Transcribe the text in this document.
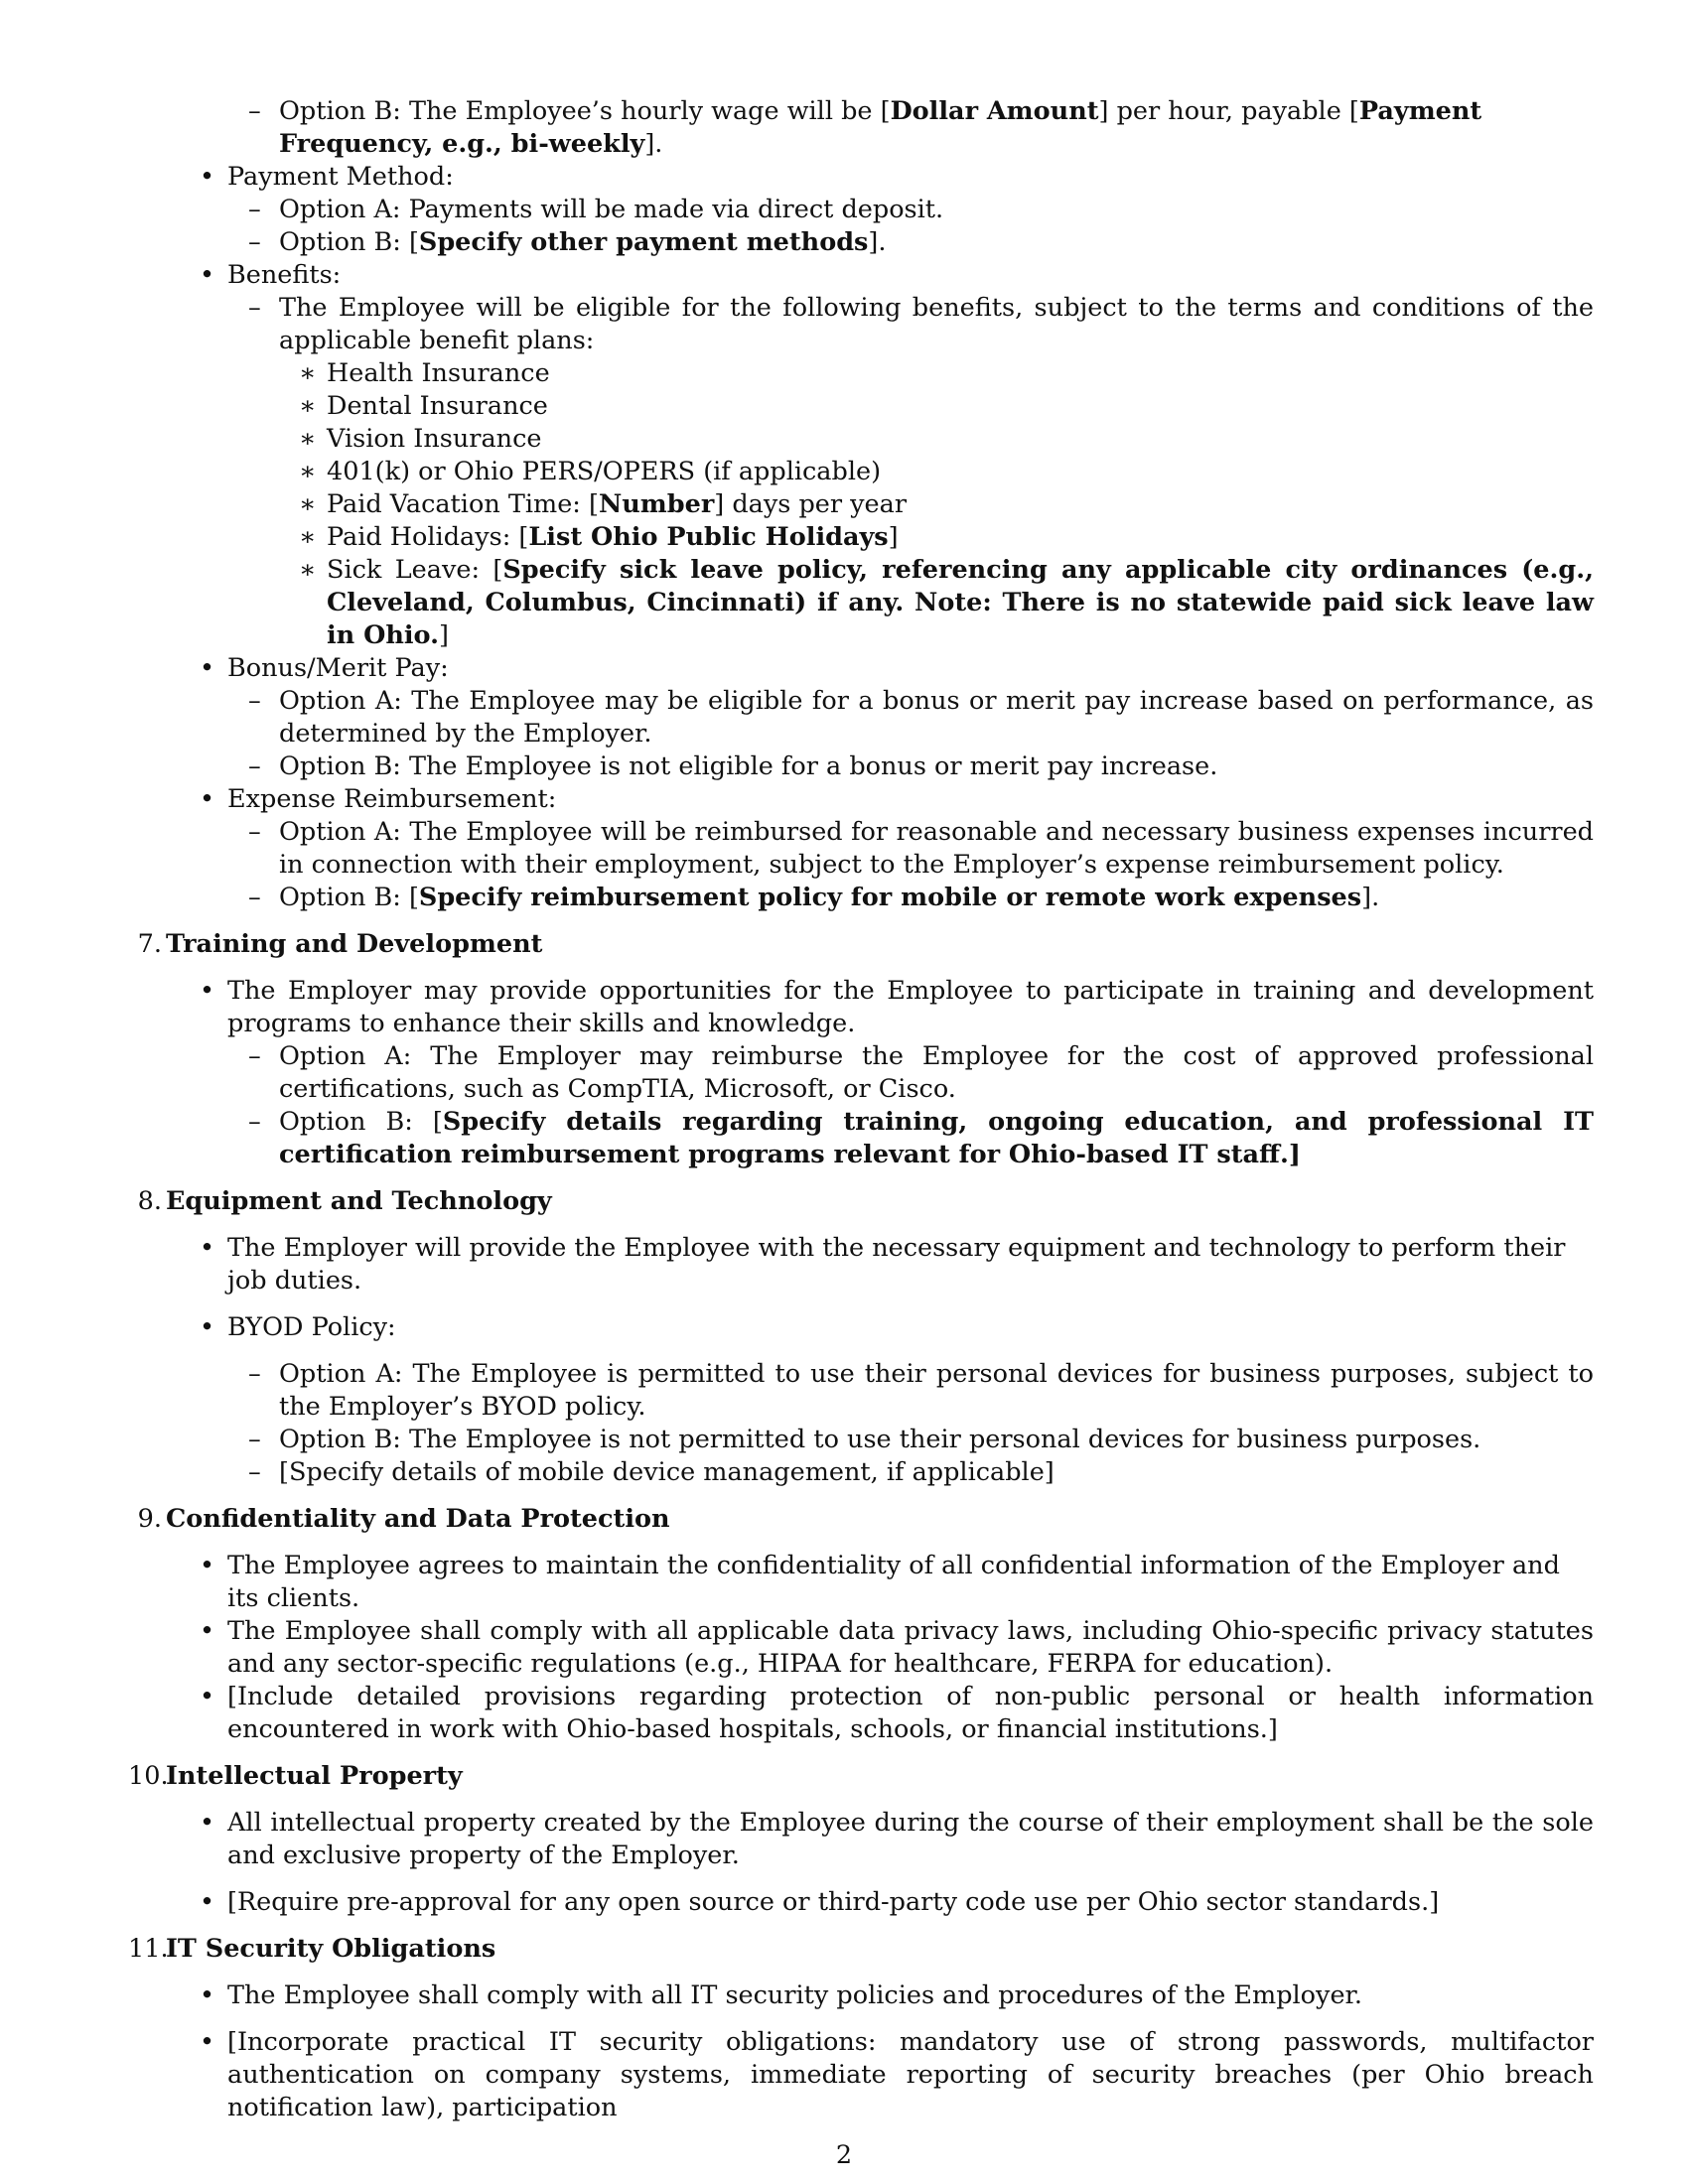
– Option B: The Employee’s hourly wage will be [Dollar Amount] per hour, payable [Payment Frequency, e.g., bi-weekly].
• Payment Method:
– Option A: Payments will be made via direct deposit.
– Option B: [Specify other payment methods].
• Benefits:
– The Employee will be eligible for the following benefits, subject to the terms and conditions of the applicable benefit plans:
∗ Health Insurance
∗ Dental Insurance
∗ Vision Insurance
∗ 401(k) or Ohio PERS/OPERS (if applicable)
∗ Paid Vacation Time: [Number] days per year
∗ Paid Holidays: [List Ohio Public Holidays]
∗ Sick Leave: [Specify sick leave policy, referencing any applicable city ordinances (e.g., Cleveland, Columbus, Cincinnati) if any. Note: There is no statewide paid sick leave law in Ohio.]
• Bonus/Merit Pay:
– Option A: The Employee may be eligible for a bonus or merit pay increase based on performance, as determined by the Employer.
– Option B: The Employee is not eligible for a bonus or merit pay increase.
• Expense Reimbursement:
– Option A: The Employee will be reimbursed for reasonable and necessary business expenses incurred in connection with their employment, subject to the Employer’s expense reimbursement policy.
– Option B: [Specify reimbursement policy for mobile or remote work expenses].
7. Training and Development
• The Employer may provide opportunities for the Employee to participate in training and development programs to enhance their skills and knowledge.
– Option A: The Employer may reimburse the Employee for the cost of approved professional certifications, such as CompTIA, Microsoft, or Cisco.
– Option B: [Specify details regarding training, ongoing education, and professional IT certification reimbursement programs relevant for Ohio-based IT staff.]
8. Equipment and Technology
• The Employer will provide the Employee with the necessary equipment and technology to perform their job duties.
• BYOD Policy:
– Option A: The Employee is permitted to use their personal devices for business purposes, subject to the Employer’s BYOD policy.
– Option B: The Employee is not permitted to use their personal devices for business purposes.
– [Specify details of mobile device management, if applicable]
9. Confidentiality and Data Protection
• The Employee agrees to maintain the confidentiality of all confidential information of the Employer and its clients.
• The Employee shall comply with all applicable data privacy laws, including Ohio-specific privacy statutes and any sector-specific regulations (e.g., HIPAA for healthcare, FERPA for education).
• [Include detailed provisions regarding protection of non-public personal or health information encountered in work with Ohio-based hospitals, schools, or financial institutions.]
10.
Intellectual Property
• All intellectual property created by the Employee during the course of their employment shall be the sole and exclusive property of the Employer.
• [Require pre-approval for any open source or third-party code use per Ohio sector standards.]
11.
IT Security Obligations
• The Employee shall comply with all IT security policies and procedures of the Employer.
• [Incorporate practical IT security obligations: mandatory use of strong passwords, multifactor authentication on company systems, immediate reporting of security breaches (per Ohio breach notification law), participation
2
